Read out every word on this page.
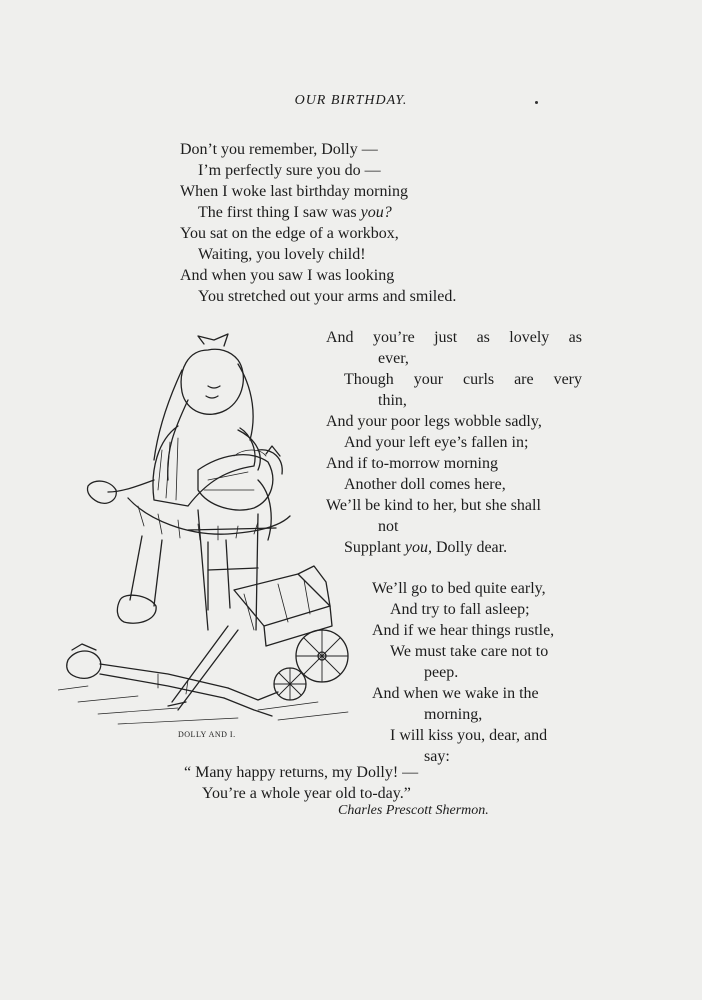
OUR BIRTHDAY.
Don’t you remember, Dolly —
I’m perfectly sure you do —
When I woke last birthday morning
The first thing I saw was you?
You sat on the edge of a workbox,
Waiting, you lovely child!
And when you saw I was looking
You stretched out your arms and smiled.
And you’re just as lovely as
ever,
Though your curls are very
thin,
And your poor legs wobble sadly,
And your left eye’s fallen in;
And if to-morrow morning
Another doll comes here,
We’ll be kind to her, but she shall
not
Supplant you, Dolly dear.
We’ll go to bed quite early,
And try to fall asleep;
And if we hear things rustle,
We must take care not to
peep.
And when we wake in the
morning,
I will kiss you, dear, and
say:
“ Many happy returns, my Dolly! —
You’re a whole year old to-day.”
Charles Prescott Shermon.
DOLLY AND I.
